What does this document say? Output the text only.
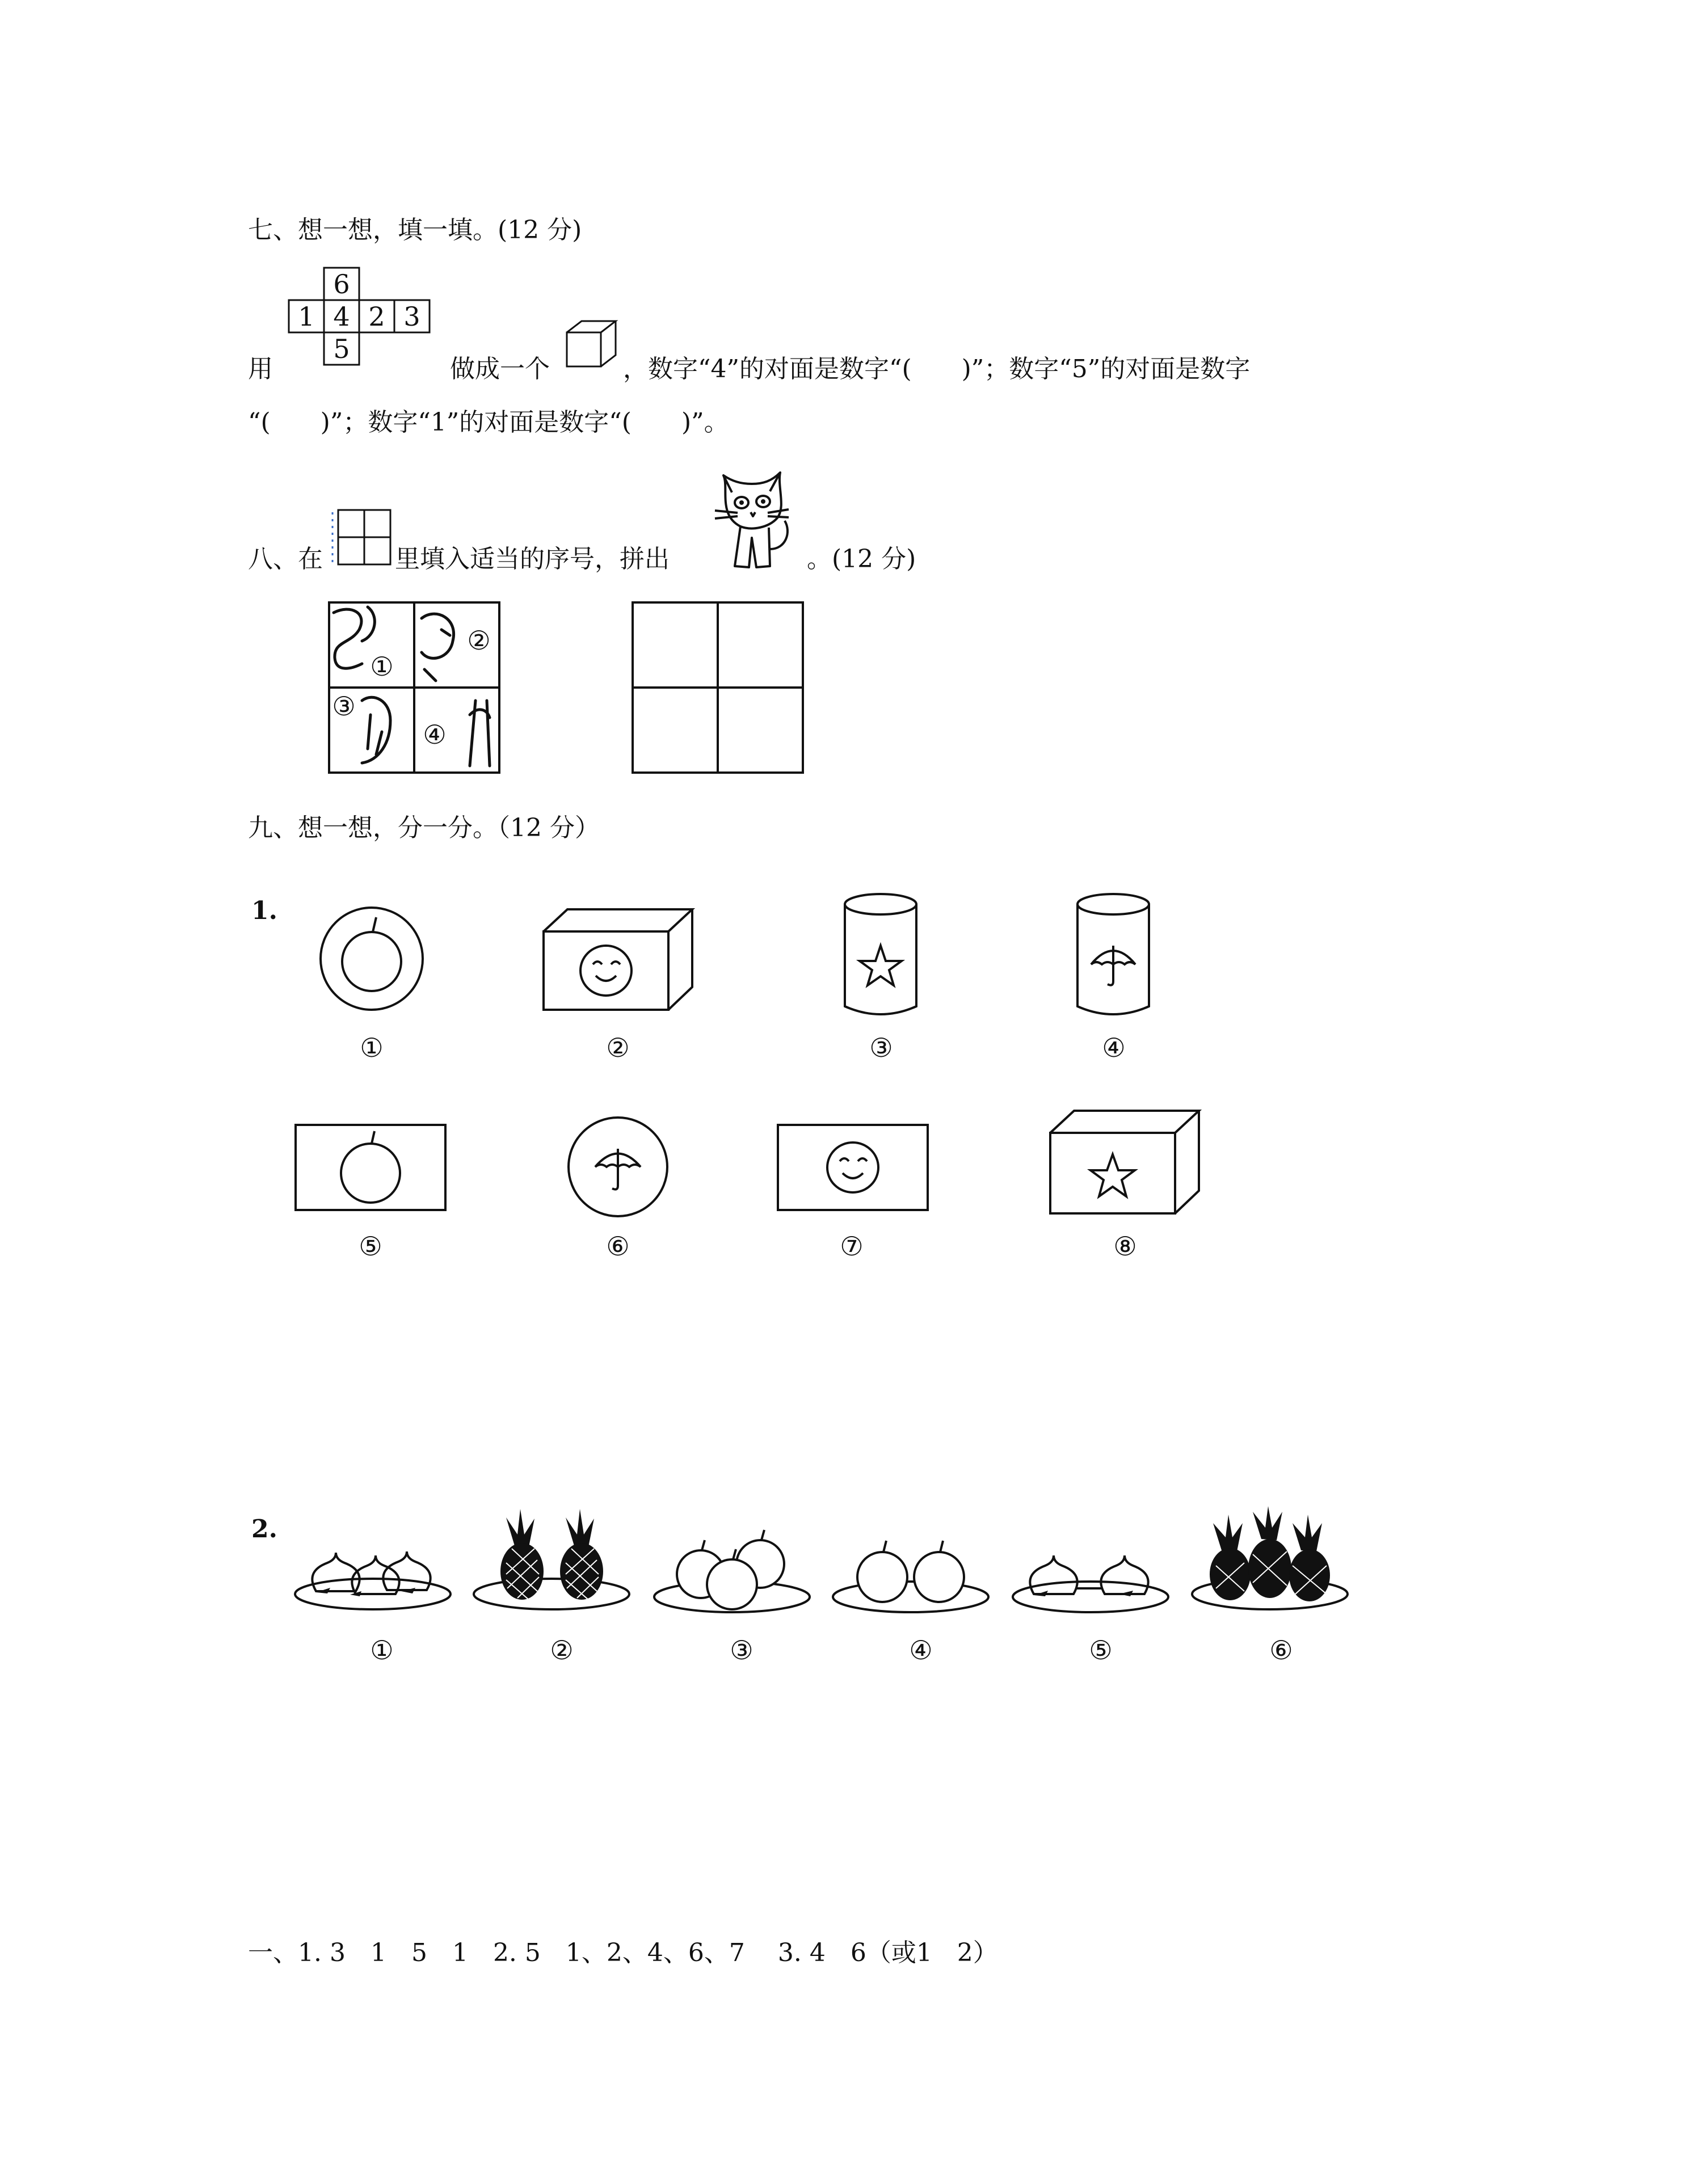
七、想一想，填一填。(12 分)
6
1 4 2 3
5
用	做成一个	，数字“4”的对面是数字“(　　)”；数字“5”的对面是数字
“(　　)”；数字“1”的对面是数字“(　　)”。
八、在	里填入适当的序号，拼出	。(12 分)
①
②
③
④
九、想一想，分一分。（12 分）
1.
①	②	③	④
⑤	⑥	⑦	⑧
2.
①	②	③	④	⑤	⑥
一、1. 3　1　5　1　2. 5　1、2、4、6、7　 3. 4　6（或1　2）
